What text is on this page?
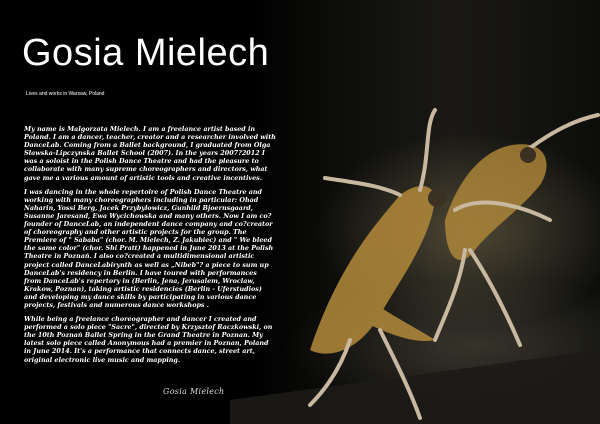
Gosia Mielech
Lives and works in Warsaw, Poland

My name is Malgorzata Mielech. I am a freelance artist based in Poland. I am a dancer, teacher, creator and a researcher involved with DanceLab. Coming from a Ballet background, I graduated from Olga Sławska-Lipczynska Ballet School (2007). In the years 2007?2012 I was a soloist in the Polish Dance Theatre and had the pleasure to collaborate with many supreme choreographers and directors, what gave me a various amount of artistic tools and creative incentives.

I was dancing in the whole repertoire of Polish Dance Theatre and working with many choreographers including in particular: Ohad Naharin, Yossi Berg, Jacek Przybylowicz, Gunhild Bjoernsgaard, Susanne Jaresand, Ewa Wycichowska and many others. Now I am co?founder of DanceLab, an independent dance company and co?creator of choreography and other artistic projects for the group. The Premiere of " Sababa" (chor. M. Mielech, Z. Jakubiec) and " We bleed the same color" (chor. Shi Pratt) happened in June 2013 at the Polish Theatre in Poznań. I also co?created a multidimensional artistic project called DanceLabirynth as well as „Nibeb"? a piece to sum up DanceLab's residency in Berlin. I have toured with performances from DanceLab's repertory in (Berlin, Jena, Jerusalem, Wroclaw, Krakow, Poznan), taking artistic residencies (Berlin - Uferstudios) and developing my dance skills by participating in various dance projects, festivals and numerous dance workshops .

While being a freelance choreographer and dancer I created and performed a solo piece "Sacre", directed by Krzysztof Raczkowski, on the 10th Poznań Ballet Spring in the Grand Theatre in Poznan. My latest solo piece called Anonymous had a premier in Poznan, Poland in June 2014. It's a performance that connects dance, street art, original electronic live music and mapping.

Gosia Mielech
